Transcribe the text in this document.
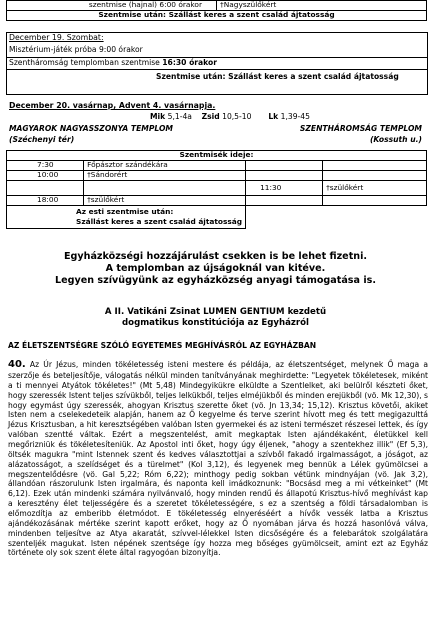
szentmise (hajnal) 6:00 órakor	†Nagyszülőkért
Szentmise után: Szállást keres a szent család ájtatosság
December 19. Szombat:
Misztérium-játék próba 9:00 órakor
Szentháromság templomban szentmise 16:30 órakor
Szentmise után: Szállást keres a szent család ájtatosság
December 20. vasárnap, Advent 4. vasárnapja.
Mik 5,1-4a Zsid 10,5-10 Lk 1,39-45
MAGYAROK NAGYASSZONYA TEMPLOM
(Széchenyi tér)
SZENTHÁROMSÁG TEMPLOM
(Kossuth u.)
Szentmisék ideje:			
7:30	Főpásztor szándékára		
10:00	†Sándorért		
		11:30	†szülőkért
18:00	†szülőkért		

Az esti szentmise után:
Szállást keres a szent család ájtatosság			

Egyházközségi hozzájárulást csekken is be lehet fizetni.
A templomban az újságoknál van kitéve.
Legyen szívügyünk az egyházközség anyagi támogatása is.
A II. Vatikáni Zsinat LUMEN GENTIUM kezdetű
dogmatikus konstitúciója az Egyházról
AZ ÉLETSZENTSÉGRE SZÓLÓ EGYETEMES MEGHÍVÁSRÓL AZ EGYHÁZBAN

40. Az Úr Jézus, minden tökéletesség isteni mestere és példája, az életszentséget, melynek Ő maga a szerzője és beteljesítője, válogatás nélkül minden tanítványának meghirdette: "Legyetek tökéletesek, miként a ti mennyei Atyátok tökéletes!" (Mt 5,48) Mindegyikükre elküldte a Szentlelket, aki belülről készteti őket, hogy szeressék Istent teljes szívükből, teljes lelkükből, teljes elméjükből és minden erejükből (vö. Mk 12,30), s hogy egymást úgy szeressék, ahogyan Krisztus szerette őket (vö. Jn 13,34; 15,12). Krisztus követői, akiket Isten nem a cselekedeteik alapján, hanem az Ő kegyelme és terve szerint hívott meg és tett megigazulttá Jézus Krisztusban, a hit keresztségében valóban Isten gyermekei és az isteni természet részesei lettek, és így valóban szentté váltak. Ezért a megszentelést, amit megkaptak Isten ajándékaként, életükkel kell megőrizniük és tökéletesíteniük. Az Apostol inti őket, hogy úgy éljenek, "ahogy a szentekhez illik" (Ef 5,3), öltsék magukra "mint Istennek szent és kedves választottjai a szívből fakadó irgalmasságot, a jóságot, az alázatosságot, a szelídséget és a türelmet" (Kol 3,12), és legyenek meg bennük a Lélek gyümölcsei a megszentelődésre (vö. Gal 5,22; Róm 6,22); minthogy pedig sokban vétünk mindnyájan (vö. Jak 3,2), állandóan rászorulunk Isten irgalmára, és naponta kell imádkoznunk: "Bocsásd meg a mi vétkeinket" (Mt 6,12). Ezek után mindenki számára nyilvánvaló, hogy minden rendű és állapotú Krisztus-hívő meghívást kap a keresztény élet teljességére és a szeretet tökéletességére, s ez a szentség a földi társadalomban is előmozdítja az emberibb életmódot. E tökéletesség elnyeréséért a hívők vessék latba a Krisztus ajándékozásának mértéke szerint kapott erőket, hogy az Ő nyomában járva és hozzá hasonlóvá válva, mindenben teljesítve az Atya akaratát, szívvel-lélekkel Isten dicsőségére és a felebarátok szolgálatára szenteljék magukat. Isten népének szentsége így hozza meg bőséges gyümölcseit, amint ezt az Egyház története oly sok szent élete által ragyogóan bizonyítja.
